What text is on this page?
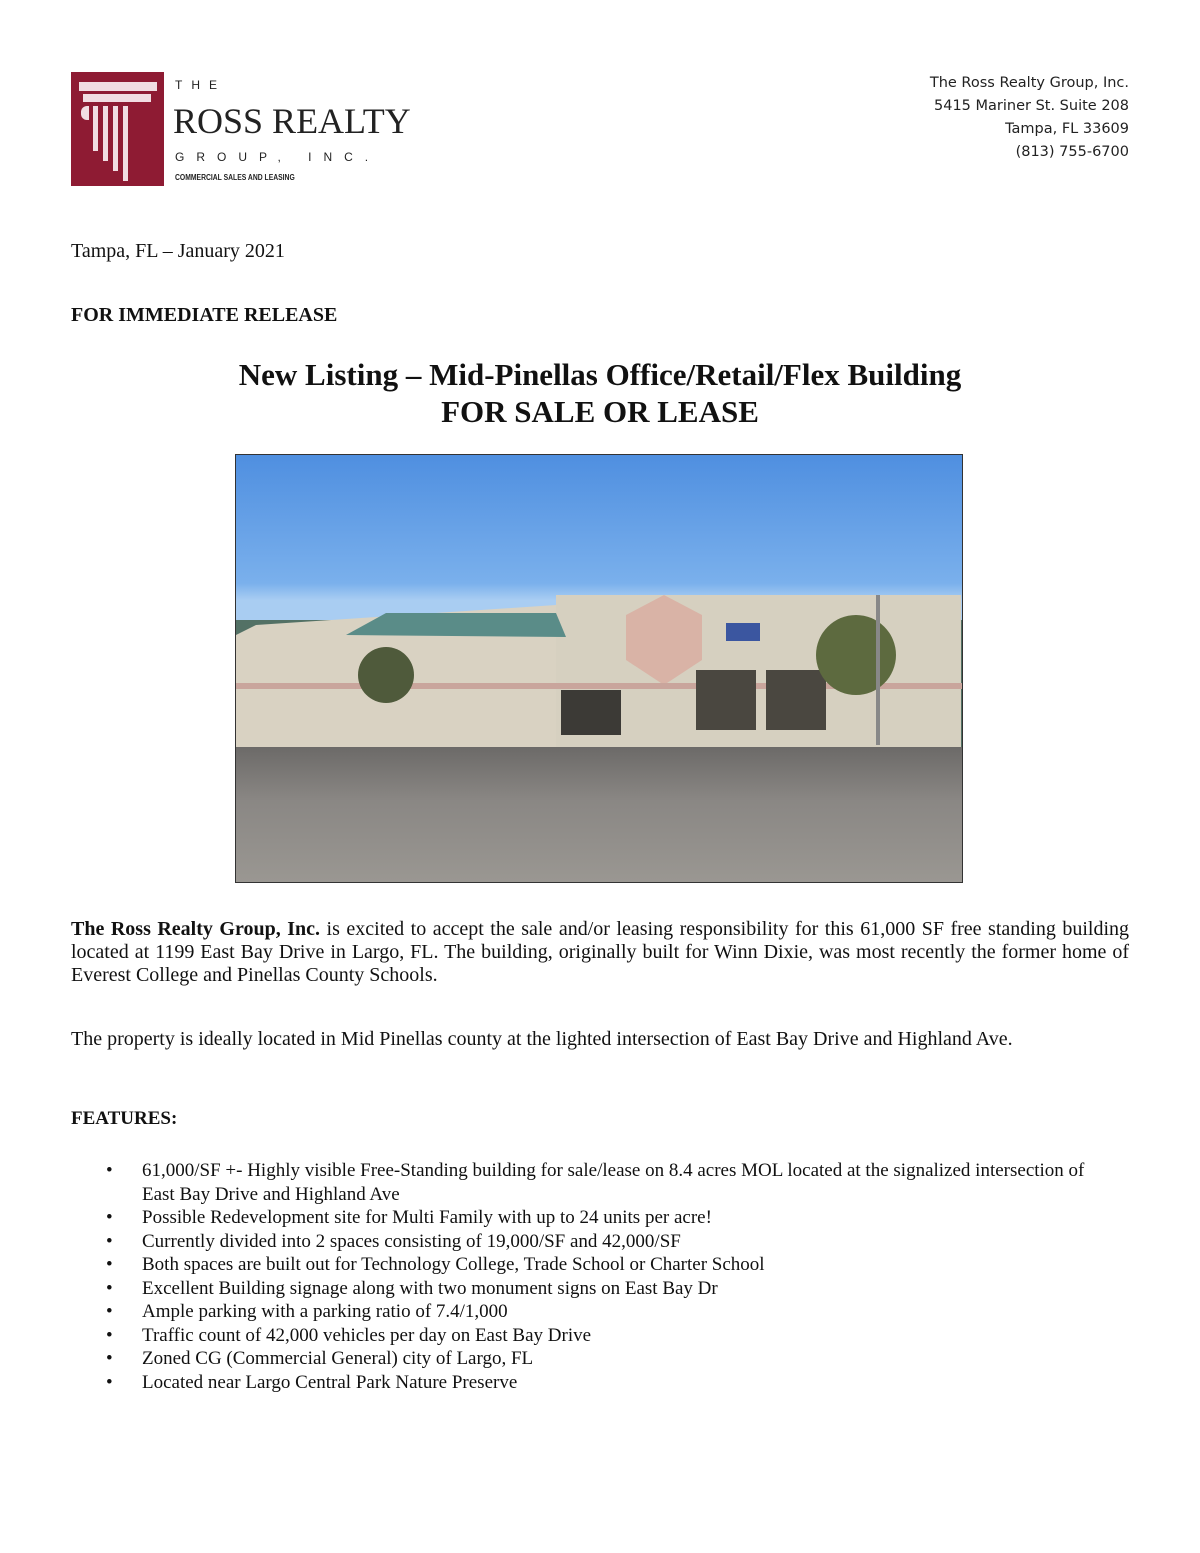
THE
ROSS REALTY
GROUP, INC.
COMMERCIAL SALES AND LEASING
The Ross Realty Group, Inc.
5415 Mariner St. Suite 208
Tampa, FL 33609
(813) 755-6700
Tampa, FL – January 2021
FOR IMMEDIATE RELEASE
New Listing – Mid-Pinellas Office/Retail/Flex Building
FOR SALE OR LEASE
The Ross Realty Group, Inc. is excited to accept the sale and/or leasing responsibility for this 61,000 SF free standing building located at 1199 East Bay Drive in Largo, FL. The building, originally built for Winn Dixie, was most recently the former home of Everest College and Pinellas County Schools.
The property is ideally located in Mid Pinellas county at the lighted intersection of East Bay Drive and Highland Ave.
FEATURES:
• 61,000/SF +- Highly visible Free-Standing building for sale/lease on 8.4 acres MOL located at the signalized intersection of East Bay Drive and Highland Ave
• Possible Redevelopment site for Multi Family with up to 24 units per acre!
• Currently divided into 2 spaces consisting of 19,000/SF and 42,000/SF
• Both spaces are built out for Technology College, Trade School or Charter School
• Excellent Building signage along with two monument signs on East Bay Dr
• Ample parking with a parking ratio of 7.4/1,000
• Traffic count of 42,000 vehicles per day on East Bay Drive
• Zoned CG (Commercial General) city of Largo, FL
• Located near Largo Central Park Nature Preserve
